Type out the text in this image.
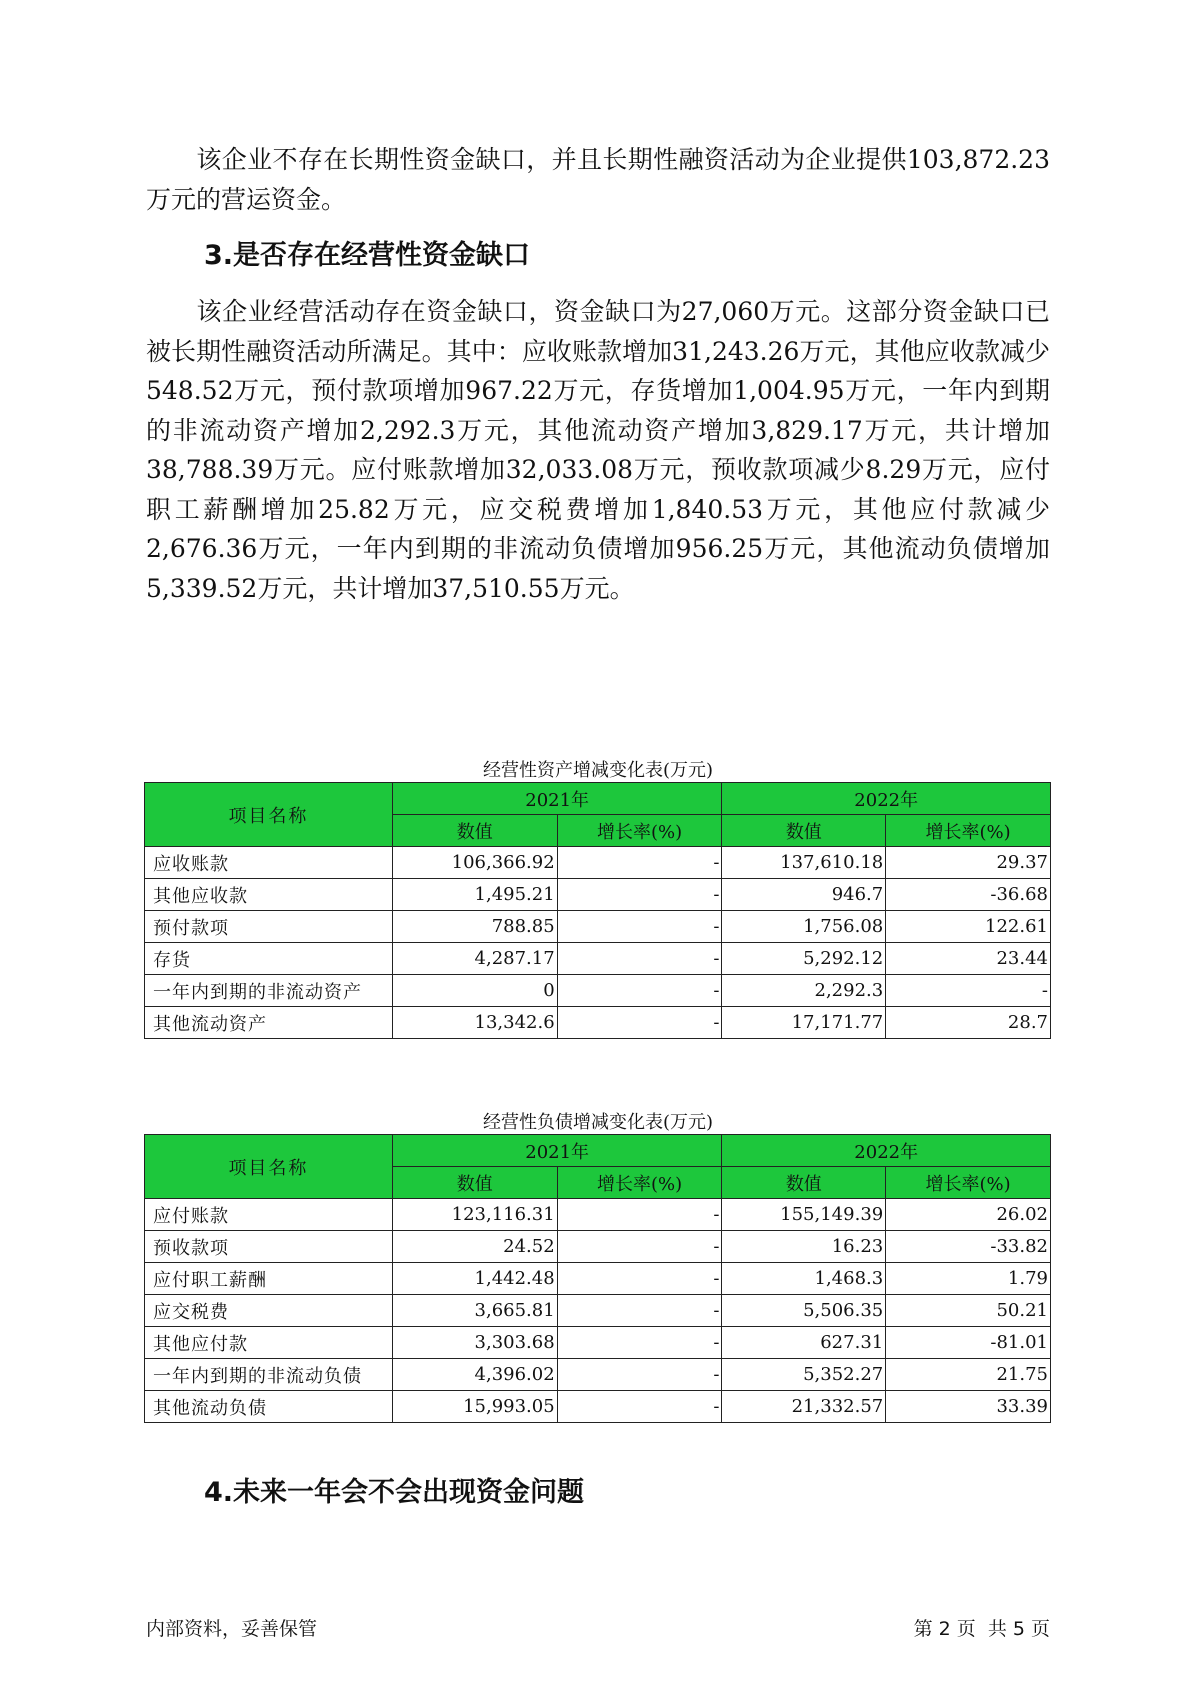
该企业不存在长期性资金缺口，并且长期性融资活动为企业提供103,872.23万元的营运资金。

3.是否存在经营性资金缺口

该企业经营活动存在资金缺口，资金缺口为27,060万元。这部分资金缺口已被长期性融资活动所满足。其中：应收账款增加31,243.26万元，其他应收款减少548.52万元，预付款项增加967.22万元，存货增加1,004.95万元，一年内到期的非流动资产增加2,292.3万元，其他流动资产增加3,829.17万元，共计增加38,788.39万元。应付账款增加32,033.08万元，预收款项减少8.29万元，应付职工薪酬增加25.82万元，应交税费增加1,840.53万元，其他应付款减少2,676.36万元，一年内到期的非流动负债增加956.25万元，其他流动负债增加5,339.52万元，共计增加37,510.55万元。

经营性资产增减变化表(万元)
项目名称	2021年		2022年	
	数值	增长率(%)	数值	增长率(%)
应收账款	106,366.92	-	137,610.18	29.37
其他应收款	1,495.21	-	946.7	-36.68
预付款项	788.85	-	1,756.08	122.61
存货	4,287.17	-	5,292.12	23.44
一年内到期的非流动资产	0	-	2,292.3	-
其他流动资产	13,342.6	-	17,171.77	28.7
经营性负债增减变化表(万元)
项目名称	2021年		2022年	
	数值	增长率(%)	数值	增长率(%)
应付账款	123,116.31	-	155,149.39	26.02
预收款项	24.52	-	16.23	-33.82
应付职工薪酬	1,442.48	-	1,468.3	1.79
应交税费	3,665.81	-	5,506.35	50.21
其他应付款	3,303.68	-	627.31	-81.01
一年内到期的非流动负债	4,396.02	-	5,352.27	21.75
其他流动负债	15,993.05	-	21,332.57	33.39
4.未来一年会不会出现资金问题
内部资料，妥善保管	第 2 页  共 5 页
